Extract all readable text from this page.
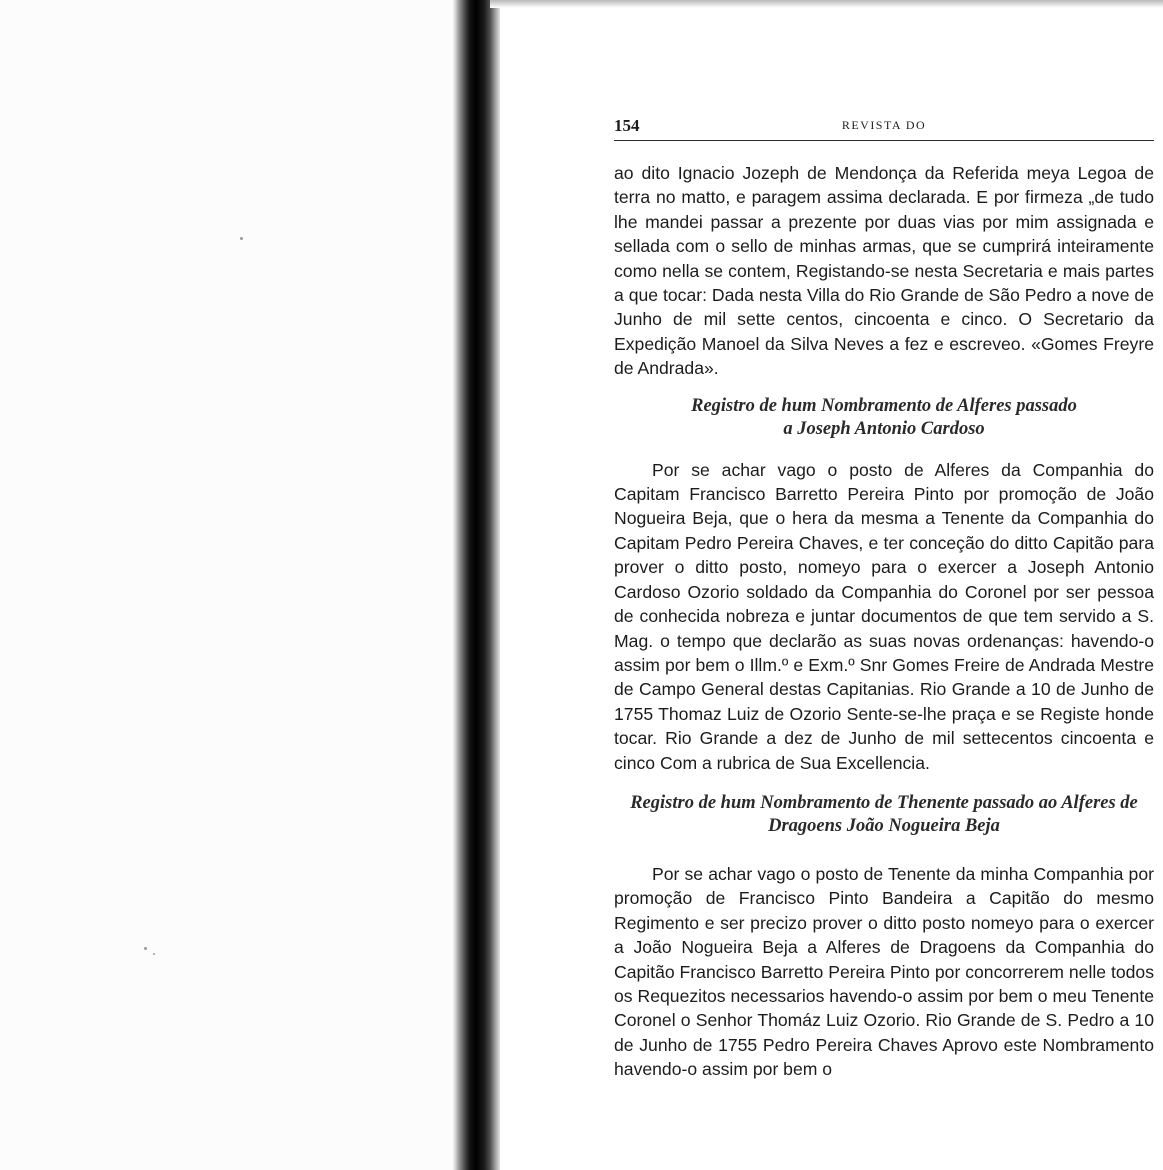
154	REVISTA DO

ao dito Ignacio Jozeph de Mendonça da Referida meya Legoa de terra no matto, e paragem assima declarada. E por firmeza „de tudo lhe mandei passar a prezente por duas vias por mim assignada e sellada com o sello de minhas armas, que se cumprirá inteiramente como nella se contem, Registando-se nesta Secretaria e mais partes a que tocar: Dada nesta Villa do Rio Grande de São Pedro a nove de Junho de mil sette centos, cincoenta e cinco. O Secretario da Expedição Manoel da Silva Neves a fez e escreveo. «Gomes Freyre de Andrada».

Registro de hum Nombramento de Alferes passado
a Joseph Antonio Cardoso

Por se achar vago o posto de Alferes da Companhia do Capitam Francisco Barretto Pereira Pinto por promoção de João Nogueira Beja, que o hera da mesma a Tenente da Companhia do Capitam Pedro Pereira Chaves, e ter conceção do ditto Capitão para prover o ditto posto, nomeyo para o exercer a Joseph Antonio Cardoso Ozorio soldado da Companhia do Coronel por ser pessoa de conhecida nobreza e juntar documentos de que tem servido a S. Mag. o tempo que declarão as suas novas ordenanças: havendo-o assim por bem o Illm.º e Exm.º Snr Gomes Freire de Andrada Mestre de Campo General destas Capitanias. Rio Grande a 10 de Junho de 1755 Thomaz Luiz de Ozorio Sente-se-lhe praça e se Registe honde tocar. Rio Grande a dez de Junho de mil settecentos cincoenta e cinco Com a rubrica de Sua Excellencia.

Registro de hum Nombramento de Thenente passado ao Alferes de Dragoens João Nogueira Beja

Por se achar vago o posto de Tenente da minha Companhia por promoção de Francisco Pinto Bandeira a Capitão do mesmo Regimento e ser precizo prover o ditto posto nomeyo para o exercer a João Nogueira Beja a Alferes de Dragoens da Companhia do Capitão Francisco Barretto Pereira Pinto por concorrerem nelle todos os Requezitos necessarios havendo-o assim por bem o meu Tenente Coronel o Senhor Thomáz Luiz Ozorio. Rio Grande de S. Pedro a 10 de Junho de 1755 Pedro Pereira Chaves Aprovo este Nombramento havendo-o assim por bem o
